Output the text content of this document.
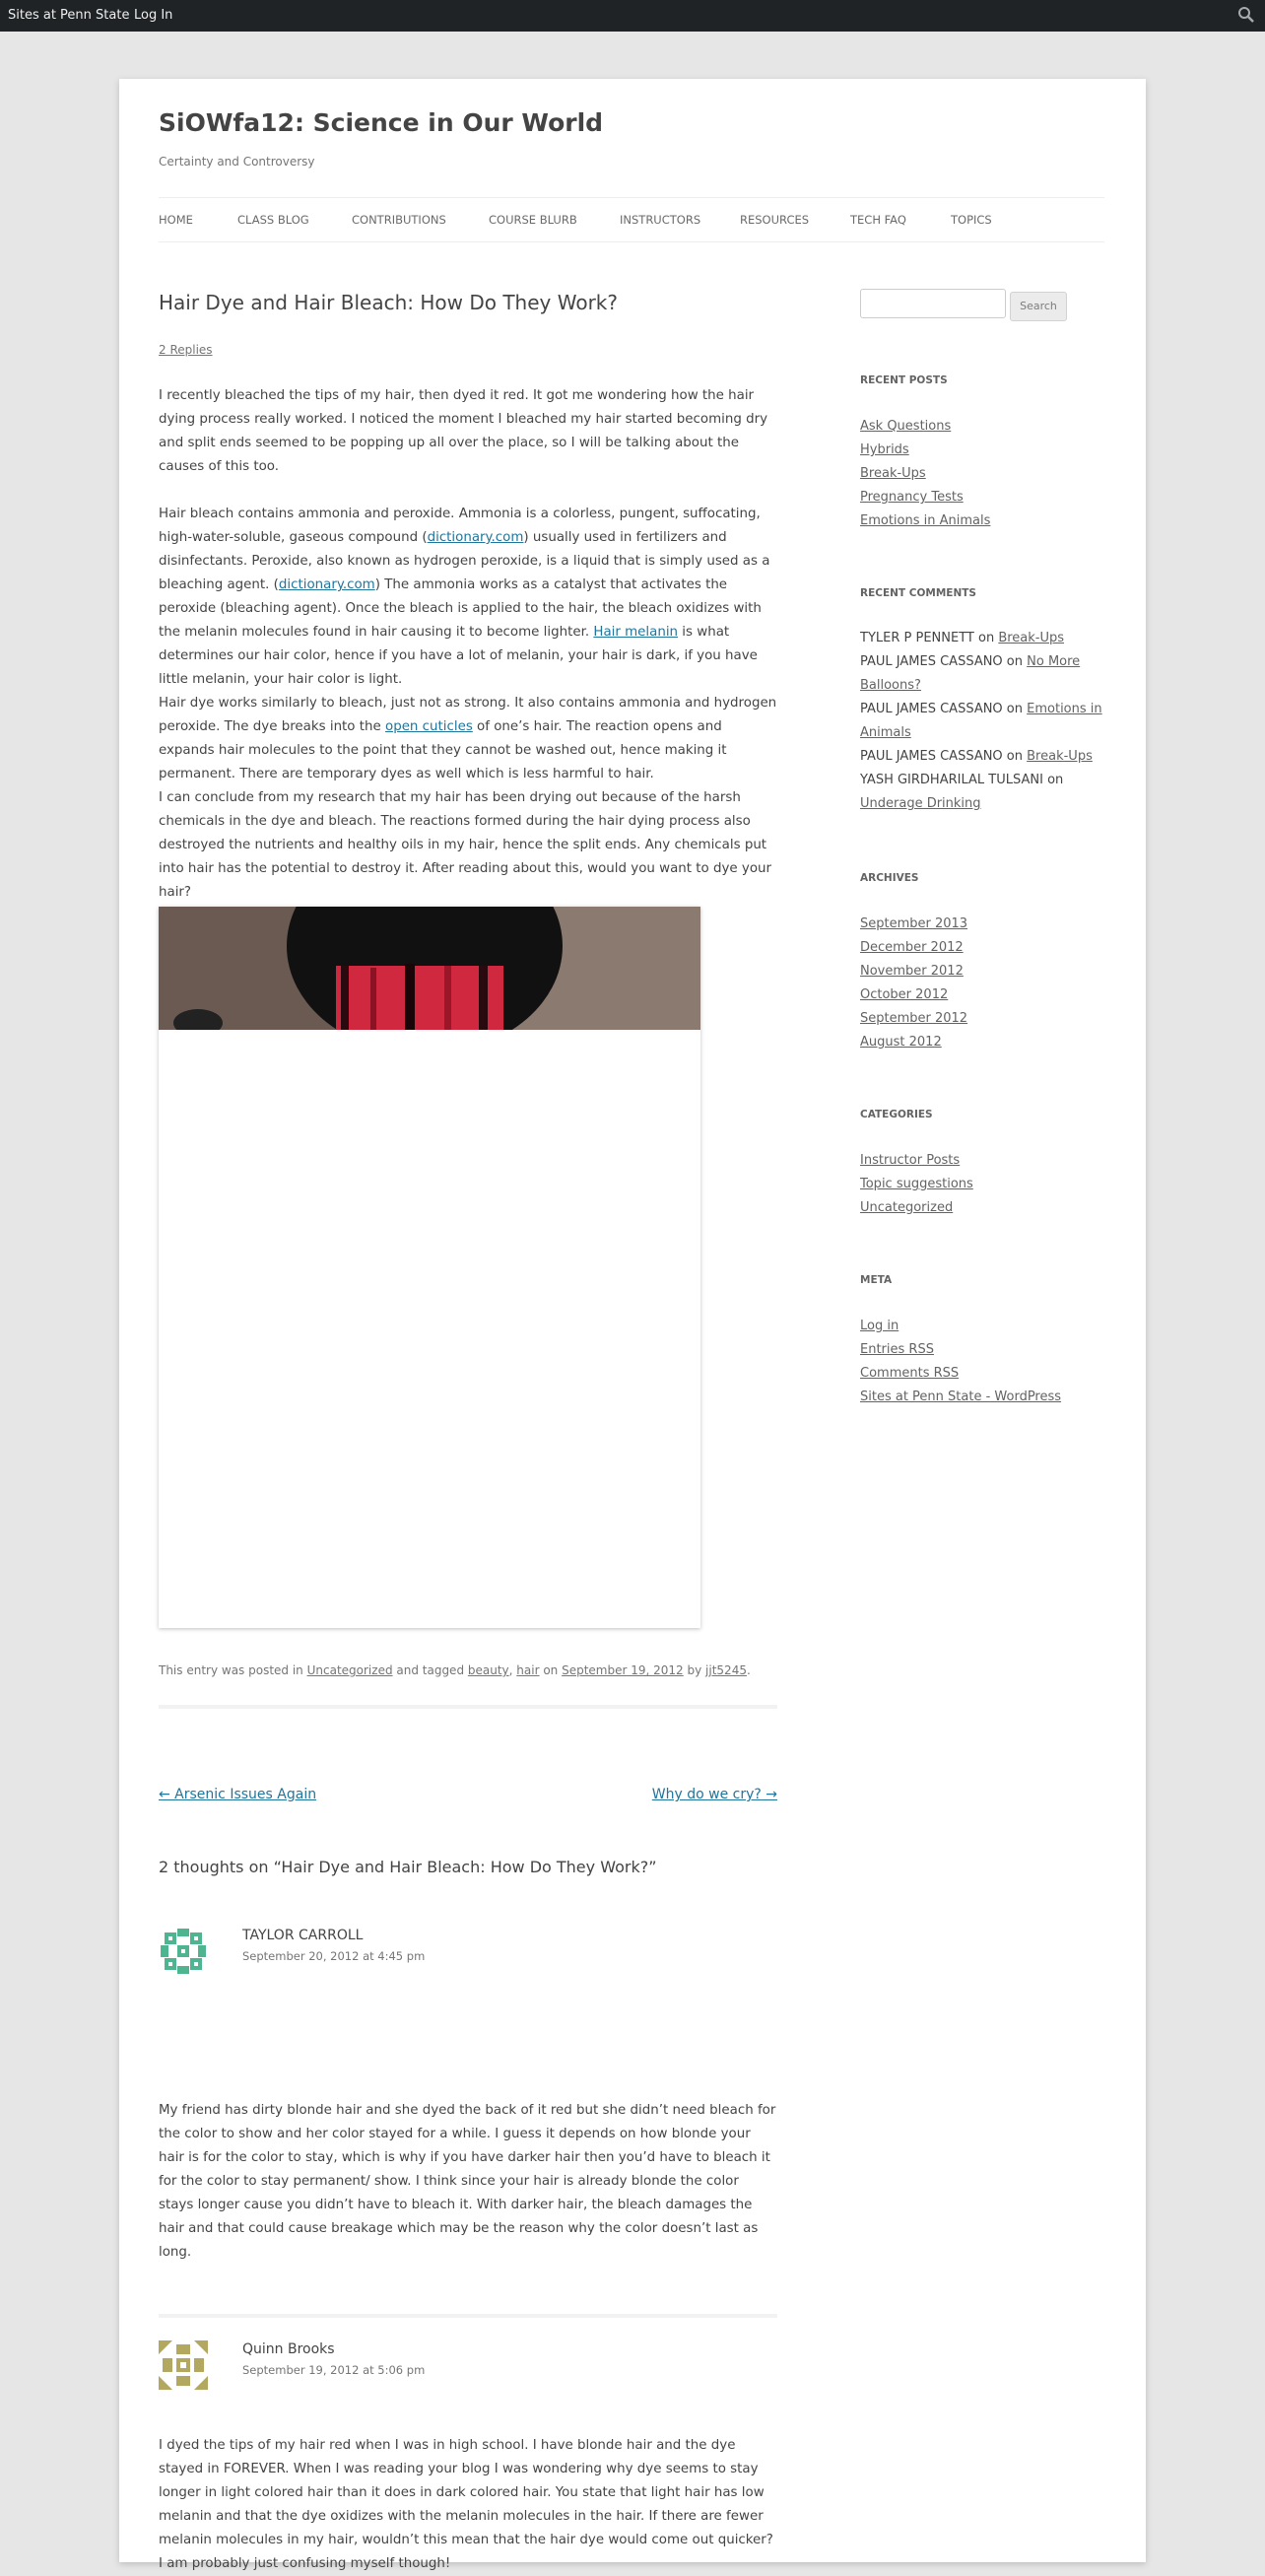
Sites at Penn State Log In
SiOWfa12: Science in Our World

Certainty and Controversy

HOME	CLASS BLOG	CONTRIBUTIONS	COURSE BLURB	INSTRUCTORS	RESOURCES	TECH FAQ	TOPICS
Hair Dye and Hair Bleach: How Do They Work?
2 Replies

I recently bleached the tips of my hair, then dyed it red. It got me wondering how the hair dying process really worked. I noticed the moment I bleached my hair started becoming dry and split ends seemed to be popping up all over the place, so I will be talking about the causes of this too.

Hair bleach contains ammonia and peroxide. Ammonia is a colorless, pungent, suffocating, high-water-soluble, gaseous compound (dictionary.com) usually used in fertilizers and disinfectants. Peroxide, also known as hydrogen peroxide, is a liquid that is simply used as a bleaching agent. (dictionary.com) The ammonia works as a catalyst that activates the peroxide (bleaching agent). Once the bleach is applied to the hair, the bleach oxidizes with the melanin molecules found in hair causing it to become lighter. Hair melanin is what determines our hair color, hence if you have a lot of melanin, your hair is dark, if you have little melanin, your hair color is light.

Hair dye works similarly to bleach, just not as strong. It also contains ammonia and hydrogen peroxide. The dye breaks into the open cuticles of one’s hair. The reaction opens and expands hair molecules to the point that they cannot be washed out, hence making it permanent. There are temporary dyes as well which is less harmful to hair.

I can conclude from my research that my hair has been drying out because of the harsh chemicals in the dye and bleach. The reactions formed during the hair dying process also destroyed the nutrients and healthy oils in my hair, hence the split ends. Any chemicals put into hair has the potential to destroy it. After reading about this, would you want to dye your hair?

This entry was posted in Uncategorized and tagged beauty, hair on September 19, 2012 by jjt5245.
← Arsenic Issues Again	Why do we cry? →
2 thoughts on “Hair Dye and Hair Bleach: How Do They Work?”
TAYLOR CARROLL
September 20, 2012 at 4:45 pm

My friend has dirty blonde hair and she dyed the back of it red but she didn’t need bleach for the color to show and her color stayed for a while. I guess it depends on how blonde your hair is for the color to stay, which is why if you have darker hair then you’d have to bleach it for the color to stay permanent/ show. I think since your hair is already blonde the color stays longer cause you didn’t have to bleach it. With darker hair, the bleach damages the hair and that could cause breakage which may be the reason why the color doesn’t last as long.

Quinn Brooks
September 19, 2012 at 5:06 pm

I dyed the tips of my hair red when I was in high school. I have blonde hair and the dye stayed in FOREVER. When I was reading your blog I was wondering why dye seems to stay longer in light colored hair than it does in dark colored hair. You state that light hair has low melanin and that the dye oxidizes with the melanin molecules in the hair. If there are fewer melanin molecules in my hair, wouldn’t this mean that the hair dye would come out quicker? I am probably just confusing myself though!

Search
RECENT POSTS
Ask Questions
Hybrids
Break-Ups
Pregnancy Tests
Emotions in Animals
RECENT COMMENTS
TYLER P PENNETT on Break-Ups
PAUL JAMES CASSANO on No More Balloons?
PAUL JAMES CASSANO on Emotions in Animals
PAUL JAMES CASSANO on Break-Ups
YASH GIRDHARILAL TULSANI on Underage Drinking
ARCHIVES
September 2013
December 2012
November 2012
October 2012
September 2012
August 2012
CATEGORIES
Instructor Posts
Topic suggestions
Uncategorized
META
Log in
Entries RSS
Comments RSS
Sites at Penn State - WordPress
